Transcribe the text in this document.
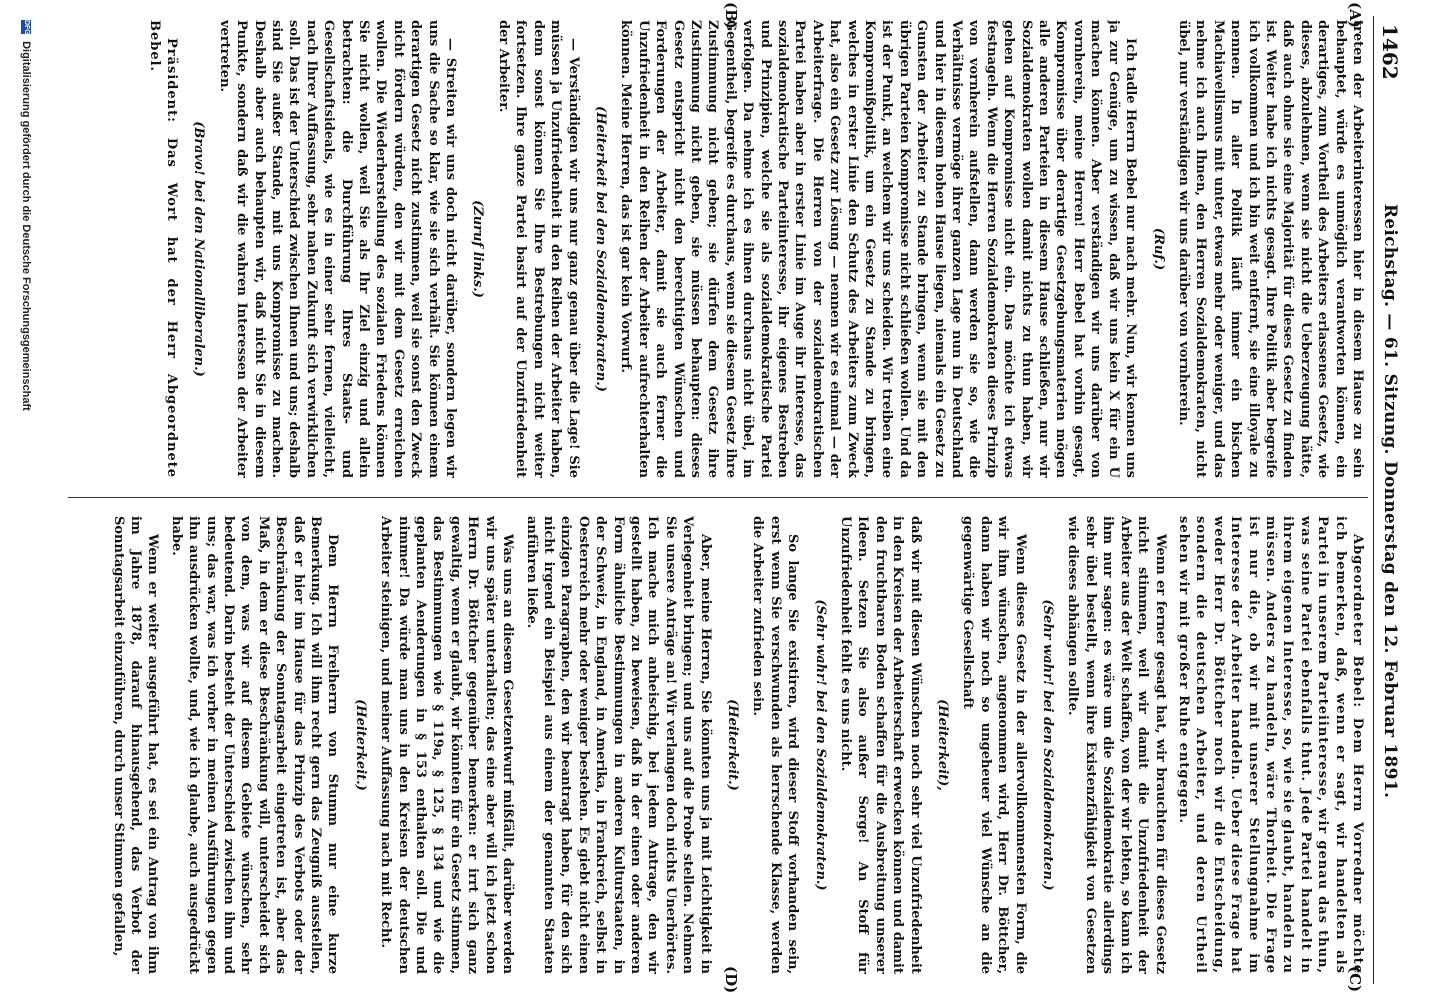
1462
Reichstag. — 61. Sitzung. Donnerstag den 12. Februar 1891.
(A)
(B)
(C)
(D)

treten der Arbeiterinteressen hier in diesem Hause zu sein behauptet, würde es unmöglich verantworten können, ein derartiges, zum Vortheil des Arbeiters erlassenes Gesetz, wie dieses, abzulehnen, wenn sie nicht die Ueberzeugung hätte, daß auch ohne sie eine Majorität für dieses Gesetz zu finden ist. Weiter habe ich nichts gesagt. Ihre Politik aber begreife ich vollkommen und ich bin weit entfernt, sie eine illoyale zu nennen. In aller Politik läuft immer ein bischen Machiavellismus mit unter, etwas mehr oder weniger, und das nehme ich auch Ihnen, den Herren Sozialdemokraten, nicht übel, nur verständigen wir uns darüber von vornherein.

(Ruf.)

Ich tadle Herrn Bebel nur nach mehr. Nun, wir kennen uns ja zur Genüge, um zu wissen, daß wir uns kein X für ein U machen können. Aber verständigen wir uns darüber von vornherein, meine Herren! Herr Bebel hat vorhin gesagt, Kompromisse über derartige Gesetzgebungsmaterien mögen alle anderen Parteien in diesem Hause schließen, nur wir Sozialdemokraten wollen damit nichts zu thun haben, wir gehen auf Kompromisse nicht ein. Das möchte ich etwas festnageln. Wenn die Herren Sozialdemokraten dieses Prinzip von vornherein aufstellen, dann werden sie so, wie die Verhältnisse vermöge ihrer ganzen Lage nun in Deutschland und hier in diesem hohen Hause liegen, niemals ein Gesetz zu Gunsten der Arbeiter zu Stande bringen, wenn sie mit den übrigen Parteien Kompromisse nicht schließen wollen. Und da ist der Punkt, an welchem wir uns scheiden. Wir treiben eine Kompromißpolitik, um ein Gesetz zu Stande zu bringen, welches in erster Linie den Schutz des Arbeiters zum Zweck hat, also ein Gesetz zur Lösung — nennen wir es einmal — der Arbeiterfrage. Die Herren von der sozialdemokratischen Partei haben aber in erster Linie im Auge ihr Interesse, das sozialdemokratische Parteiinteresse, ihr eigenes Bestreben und Prinzipien, welche sie als sozialdemokratische Partei verfolgen. Da nehme ich es ihnen durchaus nicht übel, im Gegentheil, begreife es durchaus, wenn sie diesem Gesetz ihre Zustimmung nicht geben; sie dürfen dem Gesetz ihre Zustimmung nicht geben, sie müssen behaupten: dieses Gesetz entspricht nicht den berechtigten Wünschen und Forderungen der Arbeiter, damit sie auch ferner die Unzufriedenheit in den Reihen der Arbeiter aufrechterhalten können. Meine Herren, das ist gar kein Vorwurf.

(Heiterkeit bei den Sozialdemokraten.)

— Verständigen wir uns nur ganz genau über die Lage! Sie müssen ja Unzufriedenheit in den Reihen der Arbeiter haben, denn sonst können Sie Ihre Bestrebungen nicht weiter fortsetzen. Ihre ganze Partei basirt auf der Unzufriedenheit der Arbeiter.

(Zuruf links.)

— Streiten wir uns doch nicht darüber, sondern legen wir uns die Sache so klar, wie sie sich verhält. Sie können einem derartigen Gesetz nicht zustimmen, weil sie sonst den Zweck nicht fördern würden, den wir mit dem Gesetz erreichen wollen. Die Wiederherstellung des sozialen Friedens können Sie nicht wollen, weil Sie als Ihr Ziel einzig und allein betrachten: die Durchführung Ihres Staats- und Gesellschaftsideals, wie es in einer sehr fernen, vielleicht, nach Ihrer Auffassung, sehr nahen Zukunft sich verwirklichen soll. Das ist der Unterschied zwischen Ihnen und uns; deshalb sind Sie außer Stande, mit uns Kompromisse zu machen. Deshalb aber auch behaupten wir, daß nicht Sie in diesem Punkte, sondern daß wir die wahren Interessen der Arbeiter vertreten.

(Bravo! bei den Nationalliberalen.)

Präsident: Das Wort hat der Herr Abgeordnete Bebel.

Abgeordneter Bebel: Dem Herrn Vorredner möchte ich bemerken, daß, wenn er sagt, wir handelten als Partei in unserem Parteiinteresse, wir genau das thun, was seine Partei ebenfalls thut. Jede Partei handelt in ihrem eigenen Interesse, so, wie sie glaubt, handeln zu müssen. Anders zu handeln, wäre Thorheit. Die Frage ist nur die, ob wir mit unserer Stellungnahme im Interesse der Arbeiter handeln. Ueber diese Frage hat weder Herr Dr. Böttcher noch wir die Entscheidung, sondern die deutschen Arbeiter, und deren Urtheil sehen wir mit großer Ruhe entgegen.

Wenn er ferner gesagt hat, wir brauchten für dieses Gesetz nicht stimmen, weil wir damit die Unzufriedenheit der Arbeiter aus der Welt schaffen, von der wir lebten, so kann ich ihm nur sagen: es wäre um die Sozialdemokratie allerdings sehr übel bestellt, wenn ihre Existenzfähigkeit von Gesetzen wie dieses abhängen sollte.

(Sehr wahr! bei den Sozialdemokraten.)

Wenn dieses Gesetz in der allervollkommensten Form, die wir ihm wünschen, angenommen wird, Herr Dr. Böttcher, dann haben wir noch so ungeheuer viel Wünsche an die gegenwärtige Gesellschaft

(Heiterkeit),

daß wir mit diesen Wünschen noch sehr viel Unzufriedenheit in den Kreisen der Arbeiterschaft erwecken können und damit den fruchtbaren Boden schaffen für die Ausbreitung unserer Ideen. Setzen Sie also außer Sorge! An Stoff für Unzufriedenheit fehlt es uns nicht.

(Sehr wahr! bei den Sozialdemokraten.)

So lange Sie existiren, wird dieser Stoff vorhanden sein, erst wenn Sie verschwunden als herrschende Klasse, werden die Arbeiter zufrieden sein.

(Heiterkeit.)

Aber, meine Herren, Sie könnten uns ja mit Leichtigkeit in Verlegenheit bringen; und uns auf die Probe stellen. Nehmen Sie unsere Anträge an! Wir verlangen doch nichts Unerhörtes. Ich mache mich anheischig, bei jedem Antrage, den wir gestellt haben, zu beweisen, daß in der einen oder anderen Form ähnliche Bestimmungen in anderen Kulturstaaten, in der Schweiz, in England, in Amerika, in Frankreich, selbst in Oesterreich mehr oder weniger bestehen. Es giebt nicht einen einzigen Paragraphen, den wir beantragt haben, für den sich nicht irgend ein Beispiel aus einem der genannten Staaten anführen ließe.

Was uns an diesem Gesetzentwurf mißfällt, darüber werden wir uns später unterhalten; das eine aber will ich jetzt schon Herrn Dr. Böttcher gegenüber bemerken: er irrt sich ganz gewaltig, wenn er glaubt, wir könnten für ein Gesetz stimmen, das Bestimmungen wie § 119a, § 125, § 134 und wie die geplanten Aenderungen in § 153 enthalten soll. Die und nimmer! Da würde man uns in den Kreisen der deutschen Arbeiter steinigen, und meiner Auffassung nach mit Recht.

(Heiterkeit.)

Dem Herrn Freiherrn von Stumm nur eine kurze Bemerkung. Ich will ihm recht gern das Zeugniß ausstellen, daß er hier im Hause für das Prinzip des Verbots oder der Beschränkung der Sonntagsarbeit eingetreten ist, aber das Maß, in dem er diese Beschränkung will, unterscheidet sich von dem, was wir auf diesem Gebiete wünschen, sehr bedeutend. Darin besteht der Unterschied zwischen ihm und uns; das war, was ich vorher in meinen Ausführungen gegen ihn ausdrücken wollte, und, wie ich glaube, auch ausgedrückt habe.

Wenn er weiter ausgeführt hat, es sei ein Antrag von ihm im Jahre 1878, darauf hinausgehend, das Verbot der Sonntagsarbeit einzuführen, durch unser Stimmen gefallen,

DFG Digitalisierung gefördert durch die Deutsche Forschungsgemeinschaft
